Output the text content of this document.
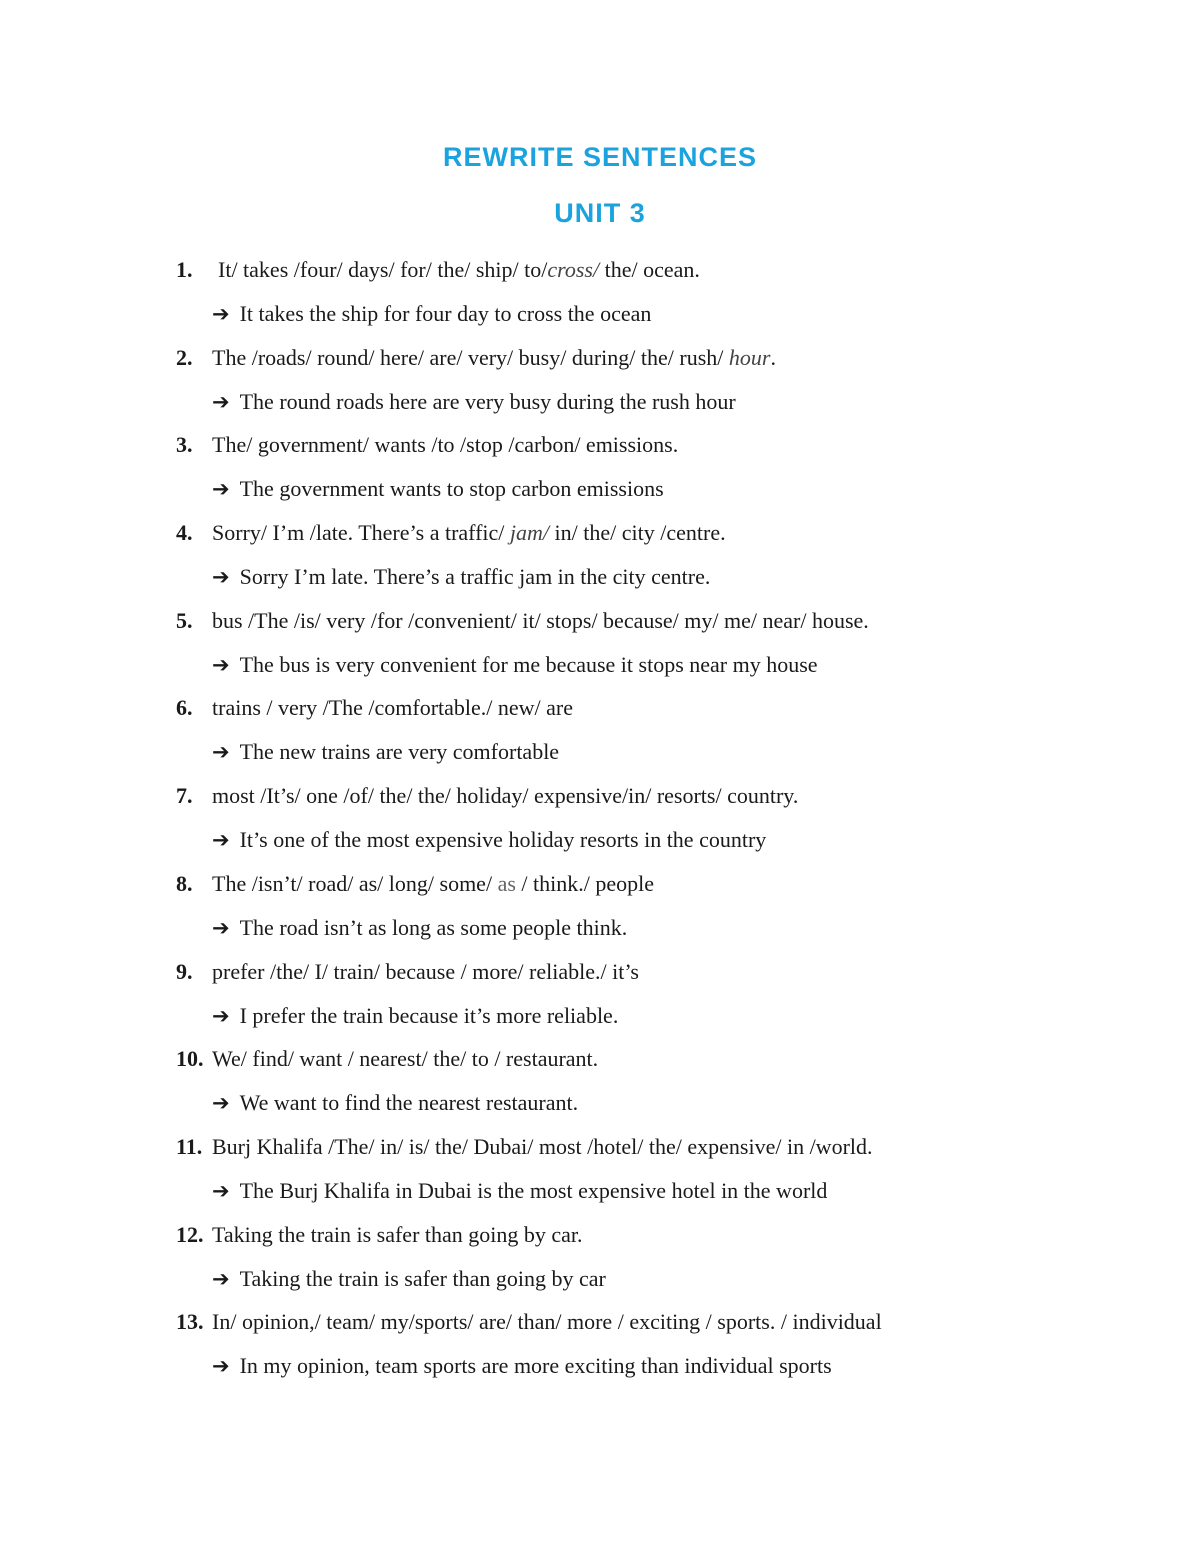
REWRITE SENTENCES
UNIT 3
1. It/ takes /four/ days/ for/ the/ ship/ to/cross/ the/ ocean.
➔ It takes the ship for four day to cross the ocean
2. The /roads/ round/ here/ are/ very/ busy/ during/ the/ rush/ hour.
➔ The round roads here are very busy during the rush hour
3. The/ government/ wants /to /stop /carbon/ emissions.
➔ The government wants to stop carbon emissions
4. Sorry/ I’m /late. There’s a traffic/ jam/ in/ the/ city /centre.
➔ Sorry I’m late. There’s a traffic jam in the city centre.
5. bus /The /is/ very /for /convenient/ it/ stops/ because/ my/ me/ near/ house.
➔ The bus is very convenient for me because it stops near my house
6. trains / very /The /comfortable./ new/ are
➔ The new trains are very comfortable
7. most /It’s/ one /of/ the/ the/ holiday/ expensive/in/ resorts/ country.
➔ It’s one of the most expensive holiday resorts in the country
8. The /isn’t/ road/ as/ long/ some/ as / think./ people
➔ The road isn’t as long as some people think.
9. prefer /the/ I/ train/ because / more/ reliable./ it’s
➔ I prefer the train because it’s more reliable.
10. We/ find/ want / nearest/ the/ to / restaurant.
➔ We want to find the nearest restaurant.
11. Burj Khalifa /The/ in/ is/ the/ Dubai/ most /hotel/ the/ expensive/ in /world.
➔ The Burj Khalifa in Dubai is the most expensive hotel in the world
12. Taking the train is safer than going by car.
➔ Taking the train is safer than going by car
13. In/ opinion,/ team/ my/sports/ are/ than/ more / exciting / sports. / individual
➔ In my opinion, team sports are more exciting than individual sports
